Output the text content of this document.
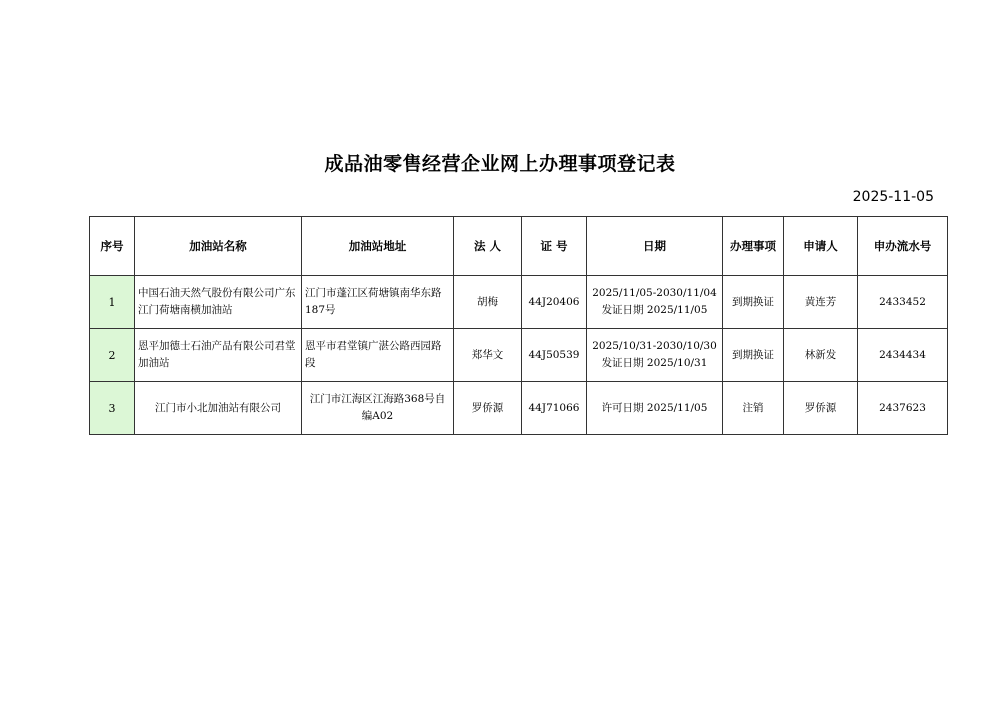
成品油零售经营企业网上办理事项登记表
2025-11-05
序号	加油站名称	加油站地址	法 人	证 号	日期	办理事项	申请人	申办流水号
1	中国石油天然气股份有限公司广东江门荷塘南横加油站	江门市蓬江区荷塘镇南华东路187号	胡梅	44J20406	2025/11/05-2030/11/04 发证日期 2025/11/05	到期换证	黄连芳	2433452
2	恩平加德士石油产品有限公司君堂加油站	恩平市君堂镇广湛公路西园路段	郑华文	44J50539	2025/10/31-2030/10/30 发证日期 2025/10/31	到期换证	林新发	2434434
3	江门市小北加油站有限公司	江门市江海区江海路368号自编A02	罗侨源	44J71066	许可日期 2025/11/05	注销	罗侨源	2437623
